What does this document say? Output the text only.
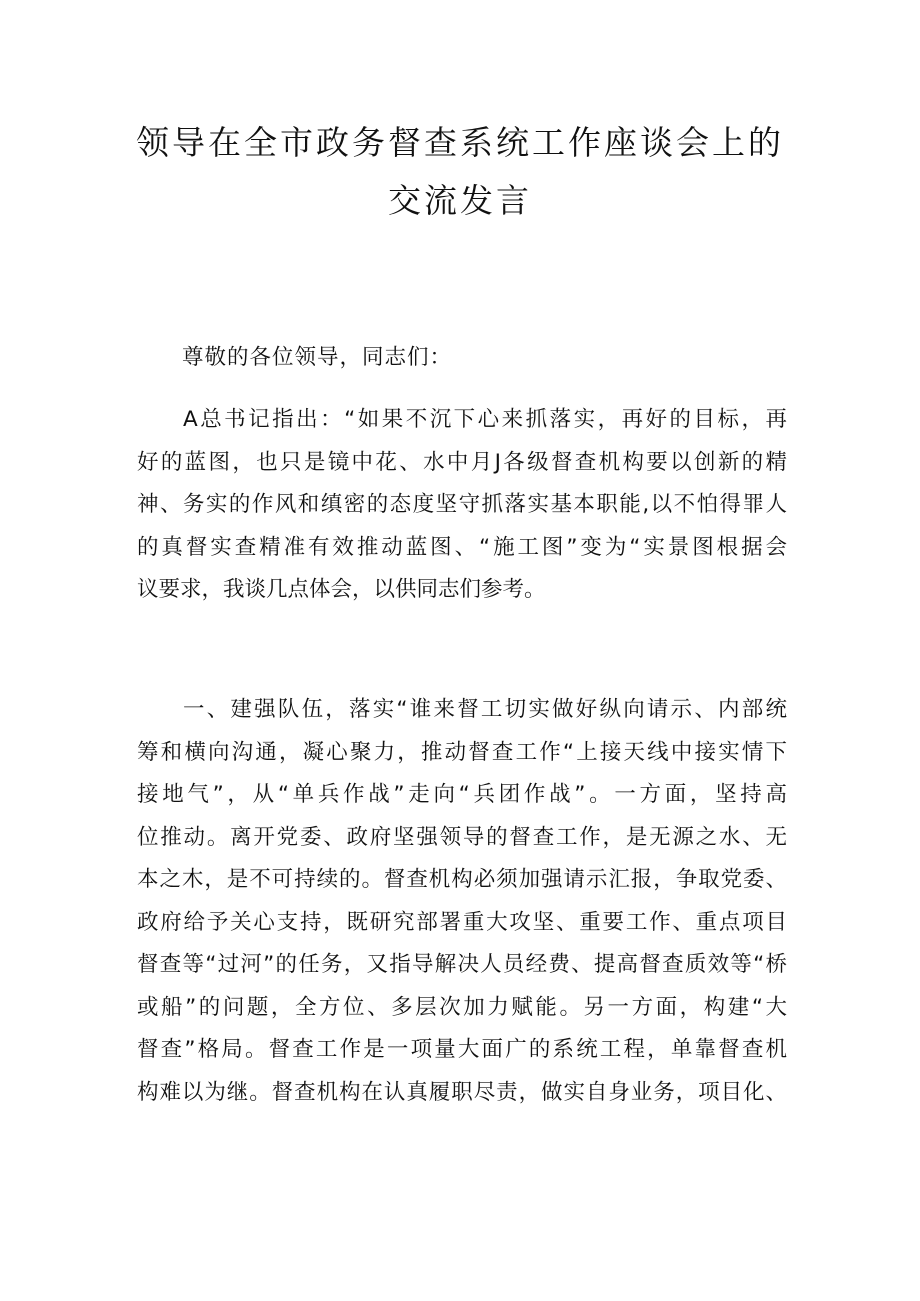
领导在全市政务督查系统工作座谈会上的
交流发言
尊敬的各位领导，同志们：
A总书记指出：“如果不沉下心来抓落实，再好的目标，再
好的蓝图，也只是镜中花、水中月J各级督查机构要以创新的精
神、务实的作风和缜密的态度坚守抓落实基本职能,以不怕得罪人
的真督实查精准有效推动蓝图、“施工图”变为“实景图根据会
议要求，我谈几点体会，以供同志们参考。
一、建强队伍，落实“谁来督工切实做好纵向请示、内部统
筹和横向沟通，凝心聚力，推动督查工作“上接天线中接实情下
接地气”，从“单兵作战”走向“兵团作战”。一方面，坚持高
位推动。离开党委、政府坚强领导的督查工作，是无源之水、无
本之木，是不可持续的。督查机构必须加强请示汇报，争取党委、
政府给予关心支持，既研究部署重大攻坚、重要工作、重点项目
督查等“过河”的任务，又指导解决人员经费、提高督查质效等“桥
或船”的问题，全方位、多层次加力赋能。另一方面，构建“大
督查”格局。督查工作是一项量大面广的系统工程，单靠督查机
构难以为继。督查机构在认真履职尽责，做实自身业务，项目化、
